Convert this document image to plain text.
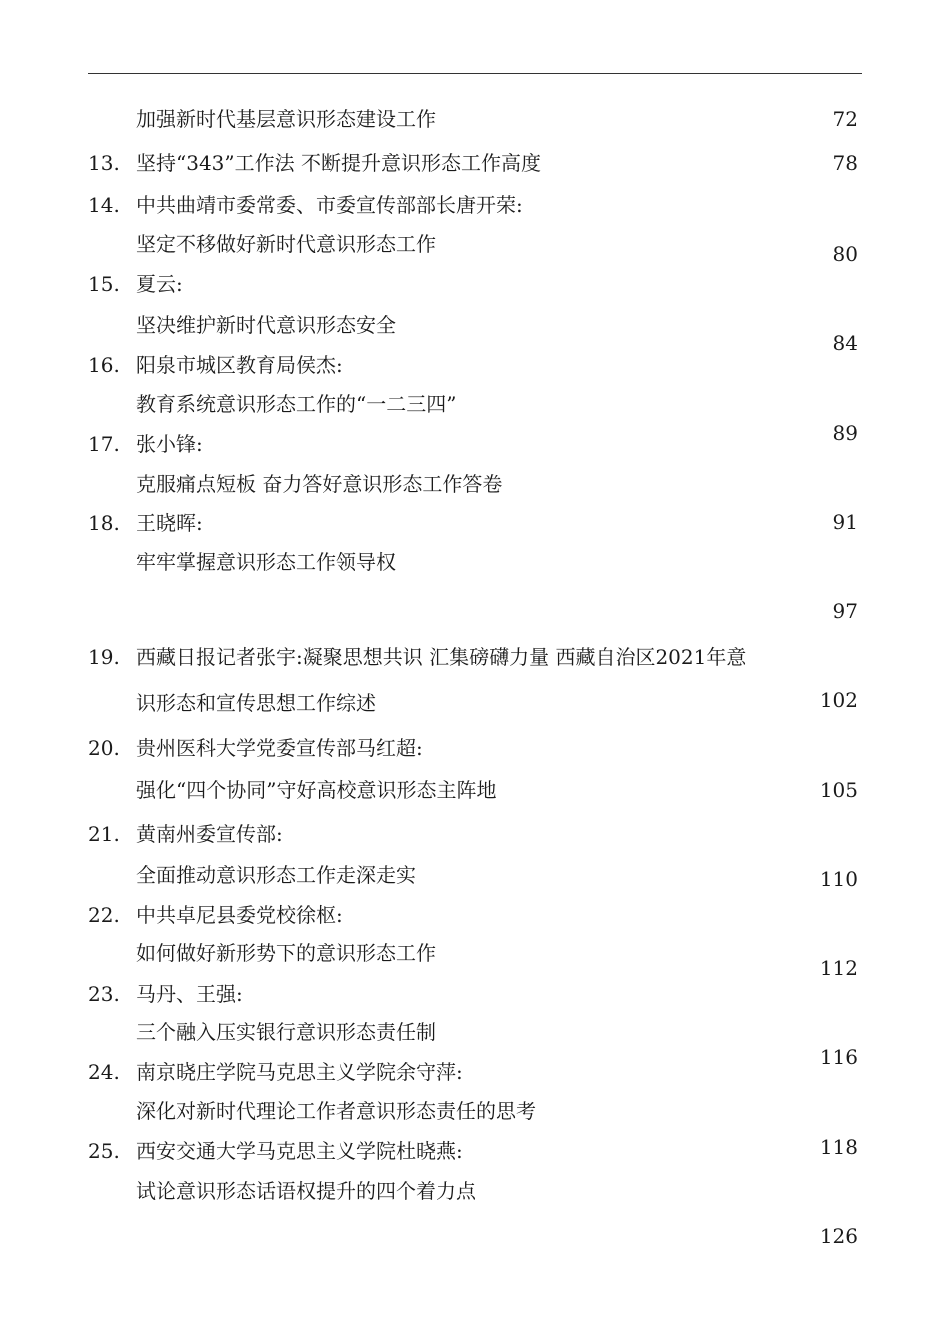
加强新时代基层意识形态建设工作
13. 坚持“343”工作法 不断提升意识形态工作高度
14. 中共曲靖市委常委、市委宣传部部长唐开荣:
坚定不移做好新时代意识形态工作
15. 夏云:
坚决维护新时代意识形态安全
16. 阳泉市城区教育局侯杰:
教育系统意识形态工作的“一二三四”
17. 张小锋:
克服痛点短板 奋力答好意识形态工作答卷
18. 王晓晖:
牢牢掌握意识形态工作领导权
19. 西藏日报记者张宇:凝聚思想共识 汇集磅礴力量 西藏自治区2021年意
识形态和宣传思想工作综述
20. 贵州医科大学党委宣传部马红超:
强化“四个协同”守好高校意识形态主阵地
21. 黄南州委宣传部:
全面推动意识形态工作走深走实
22. 中共卓尼县委党校徐枢:
如何做好新形势下的意识形态工作
23. 马丹、王强:
三个融入压实银行意识形态责任制
24. 南京晓庄学院马克思主义学院余守萍:
深化对新时代理论工作者意识形态责任的思考
25. 西安交通大学马克思主义学院杜晓燕:
试论意识形态话语权提升的四个着力点
72
78
80
84
89
91
97
102
105
110
112
116
118
126
